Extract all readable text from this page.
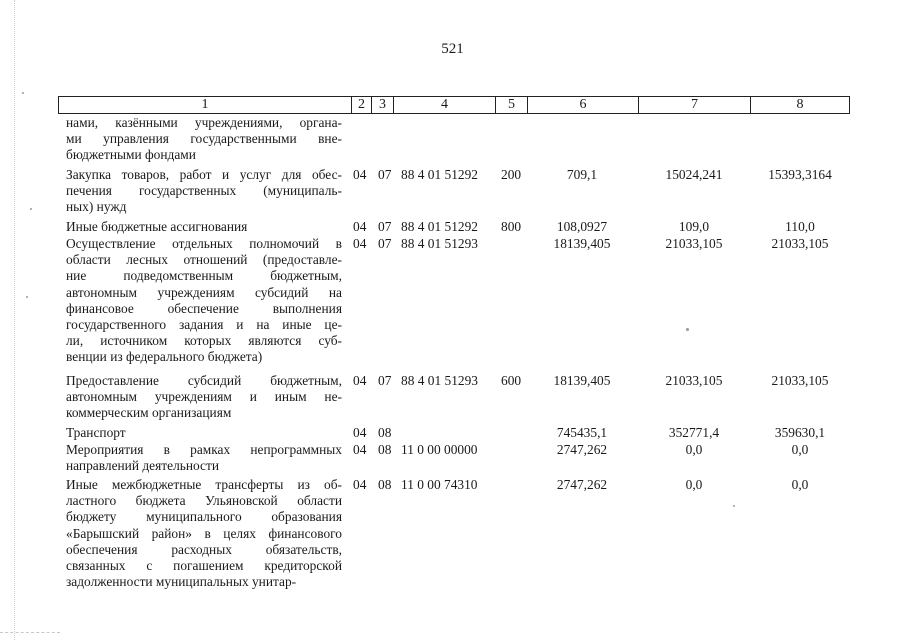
521
1	2	3	4	5	6	7	8
нами, казёнными учреждениями, органа-
ми управления государственными вне-
бюджетными фондами
Закупка товаров, работ и услуг для обес-
печения государственных (муниципаль-
ных) нужд
04 07 88 4 01 51292 200	709,1	15024,241	15393,3164
Иные бюджетные ассигнования	04 07 88 4 01 51292 800	108,0927	109,0	110,0
Осуществление отдельных полномочий в
области лесных отношений (предоставле-
ние подведомственным бюджетным,
автономным учреждениям субсидий на
финансовое обеспечение выполнения
государственного задания и на иные це-
ли, источником которых являются суб-
венции из федерального бюджета)
04 07 88 4 01 51293	18139,405	21033,105	21033,105
Предоставление субсидий бюджетным,
автономным учреждениям и иным не-
коммерческим организациям
04 07 88 4 01 51293 600	18139,405	21033,105	21033,105
Транспорт	04 08	745435,1	352771,4	359630,1
Мероприятия в рамках непрограммных
направлений деятельности
04 08 11 0 00 00000	2747,262	0,0	0,0
Иные межбюджетные трансферты из об-
ластного бюджета Ульяновской области
бюджету муниципального образования
«Барышский район» в целях финансового
обеспечения расходных обязательств,
связанных с погашением кредиторской
задолженности муниципальных унитар-
04 08 11 0 00 74310	2747,262	0,0	0,0
